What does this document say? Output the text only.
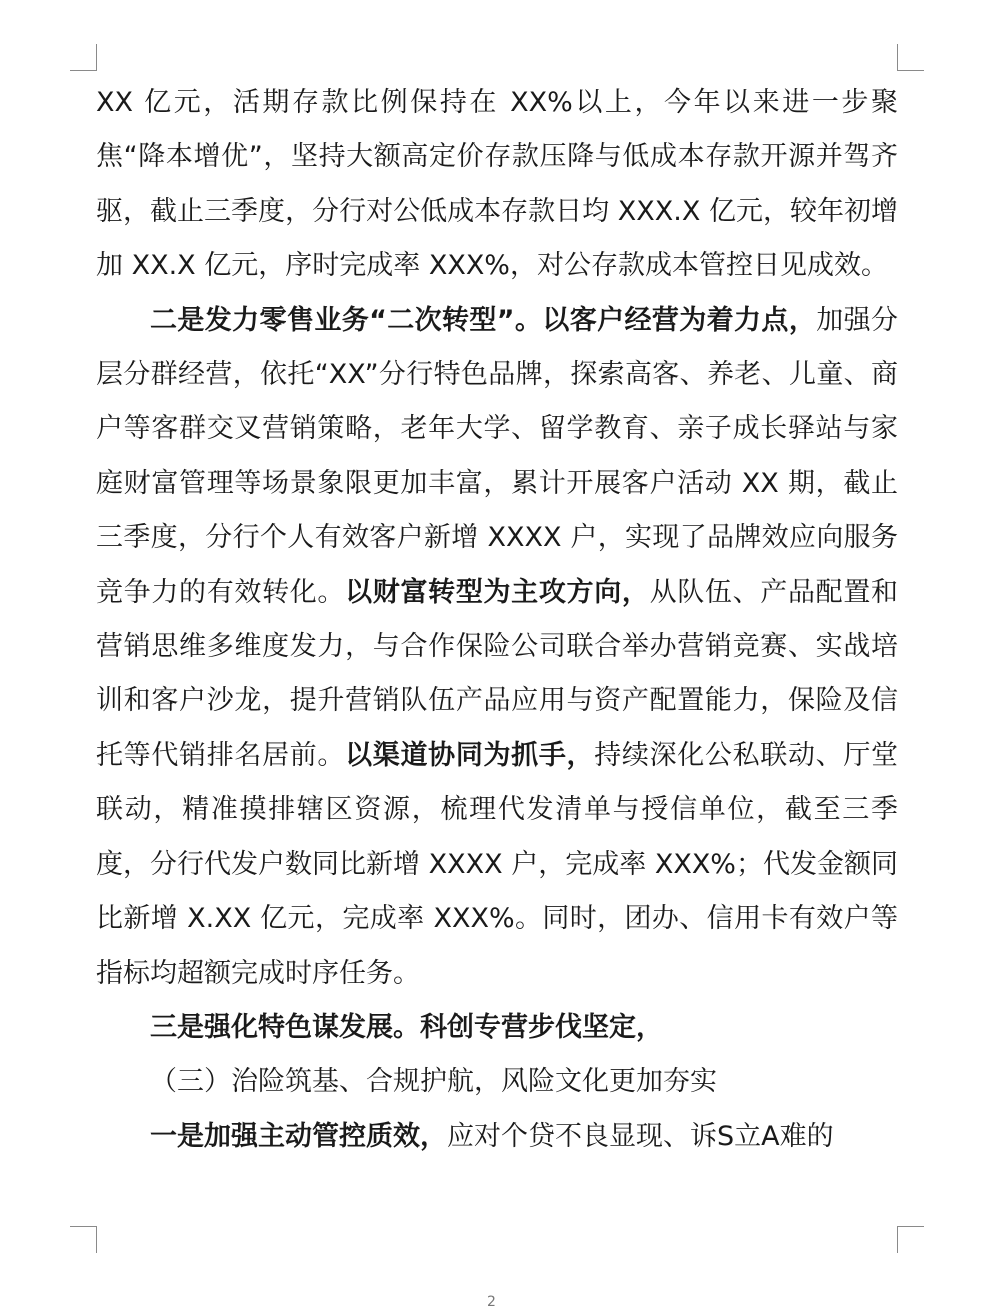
XX 亿元，活期存款比例保持在 XX%以上，今年以来进一步聚焦“降本增优”，坚持大额高定价存款压降与低成本存款开源并驾齐驱，截止三季度，分行对公低成本存款日均 XXX.X 亿元，较年初增加 XX.X 亿元，序时完成率 XXX%，对公存款成本管控日见成效。

二是发力零售业务“二次转型”。以客户经营为着力点，加强分层分群经营，依托“XX”分行特色品牌，探索高客、养老、儿童、商户等客群交叉营销策略，老年大学、留学教育、亲子成长驿站与家庭财富管理等场景象限更加丰富，累计开展客户活动 XX 期，截止三季度，分行个人有效客户新增 XXXX 户，实现了品牌效应向服务竞争力的有效转化。以财富转型为主攻方向，从队伍、产品配置和营销思维多维度发力，与合作保险公司联合举办营销竞赛、实战培训和客户沙龙，提升营销队伍产品应用与资产配置能力，保险及信托等代销排名居前。以渠道协同为抓手，持续深化公私联动、厅堂联动，精准摸排辖区资源，梳理代发清单与授信单位，截至三季度，分行代发户数同比新增 XXXX 户，完成率 XXX%；代发金额同比新增 X.XX 亿元，完成率 XXX%。同时，团办、信用卡有效户等指标均超额完成时序任务。

三是强化特色谋发展。科创专营步伐坚定，

（三）治险筑基、合规护航，风险文化更加夯实

一是加强主动管控质效，应对个贷不良显现、诉S立A难的

2
